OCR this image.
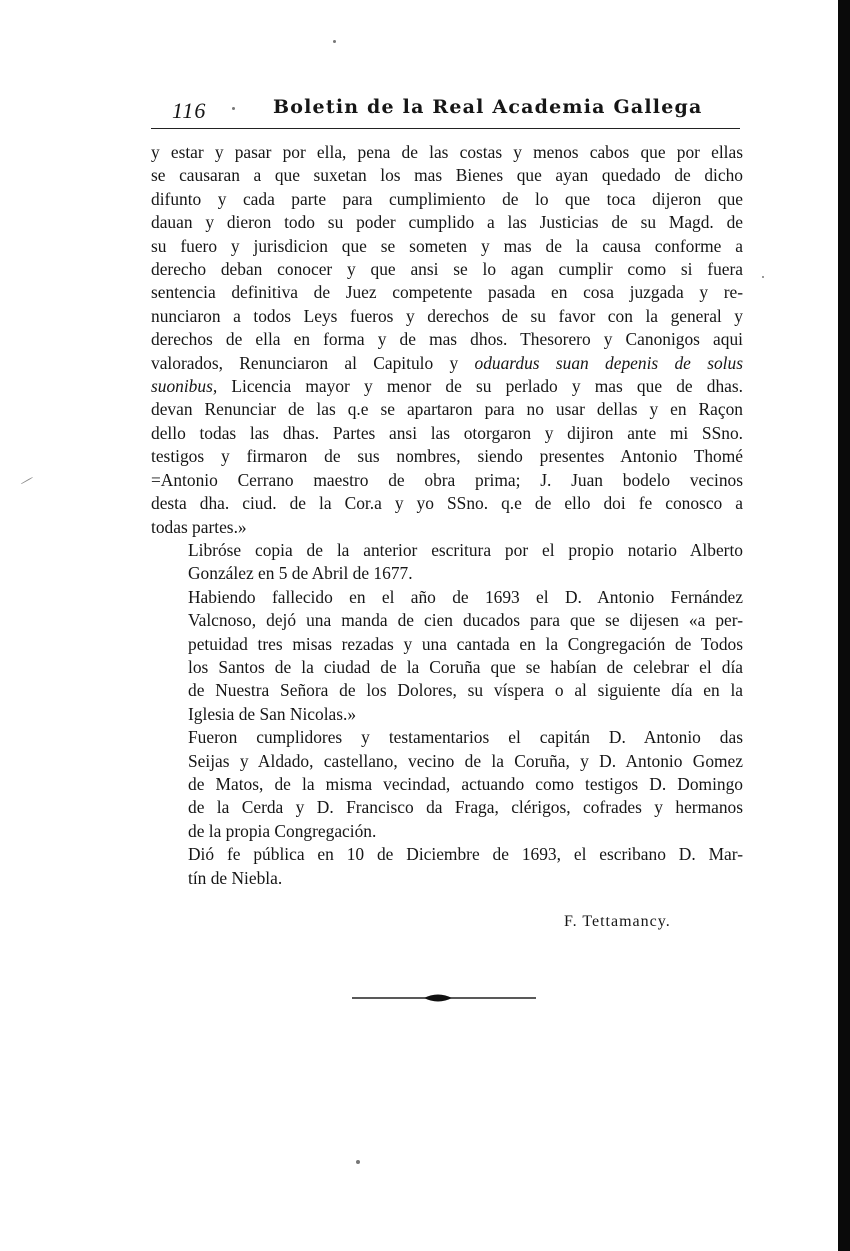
116	Boletin de la Real Academia Gallega

y estar y pasar por ella, pena de las costas y menos cabos que por ellas
se causaran a que suxetan los mas Bienes que ayan quedado de dicho
difunto y cada parte para cumplimiento de lo que toca dijeron que
dauan y dieron todo su poder cumplido a las Justicias de su Magd. de
su fuero y jurisdicion que se someten y mas de la causa conforme a
derecho deban conocer y que ansi se lo agan cumplir como si fuera
sentencia definitiva de Juez competente pasada en cosa juzgada y re-
nunciaron a todos Leys fueros y derechos de su favor con la general y
derechos de ella en forma y de mas dhos. Thesorero y Canonigos aqui

valorados, Renunciaron al Capitulo y oduardus suan depenis de solus
suonibus, Licencia mayor y menor de su perlado y mas que de dhas.
devan Renunciar de las q.e se apartaron para no usar dellas y en Raçon
dello todas las dhas. Partes ansi las otorgaron y dijiron ante mi SSno.
testigos y firmaron de sus nombres, siendo presentes Antonio Thomé
=Antonio Cerrano maestro de obra prima; J. Juan bodelo vecinos
desta dha. ciud. de la Cor.a y yo SSno. q.e de ello doi fe conosco a
todas partes.»

Libróse copia de la anterior escritura por el propio notario Alberto
González en 5 de Abril de 1677.

Habiendo fallecido en el año de 1693 el D. Antonio Fernández
Valcnoso, dejó una manda de cien ducados para que se dijesen «a per-
petuidad tres misas rezadas y una cantada en la Congregación de Todos
los Santos de la ciudad de la Coruña que se habían de celebrar el día
de Nuestra Señora de los Dolores, su víspera o al siguiente día en la
Iglesia de San Nicolas.»

Fueron cumplidores y testamentarios el capitán D. Antonio das
Seijas y Aldado, castellano, vecino de la Coruña, y D. Antonio Gomez
de Matos, de la misma vecindad, actuando como testigos D. Domingo
de la Cerda y D. Francisco da Fraga, clérigos, cofrades y hermanos
de la propia Congregación.

Dió fe pública en 10 de Diciembre de 1693, el escribano D. Mar-
tín de Niebla.

F. Tettamancy.
